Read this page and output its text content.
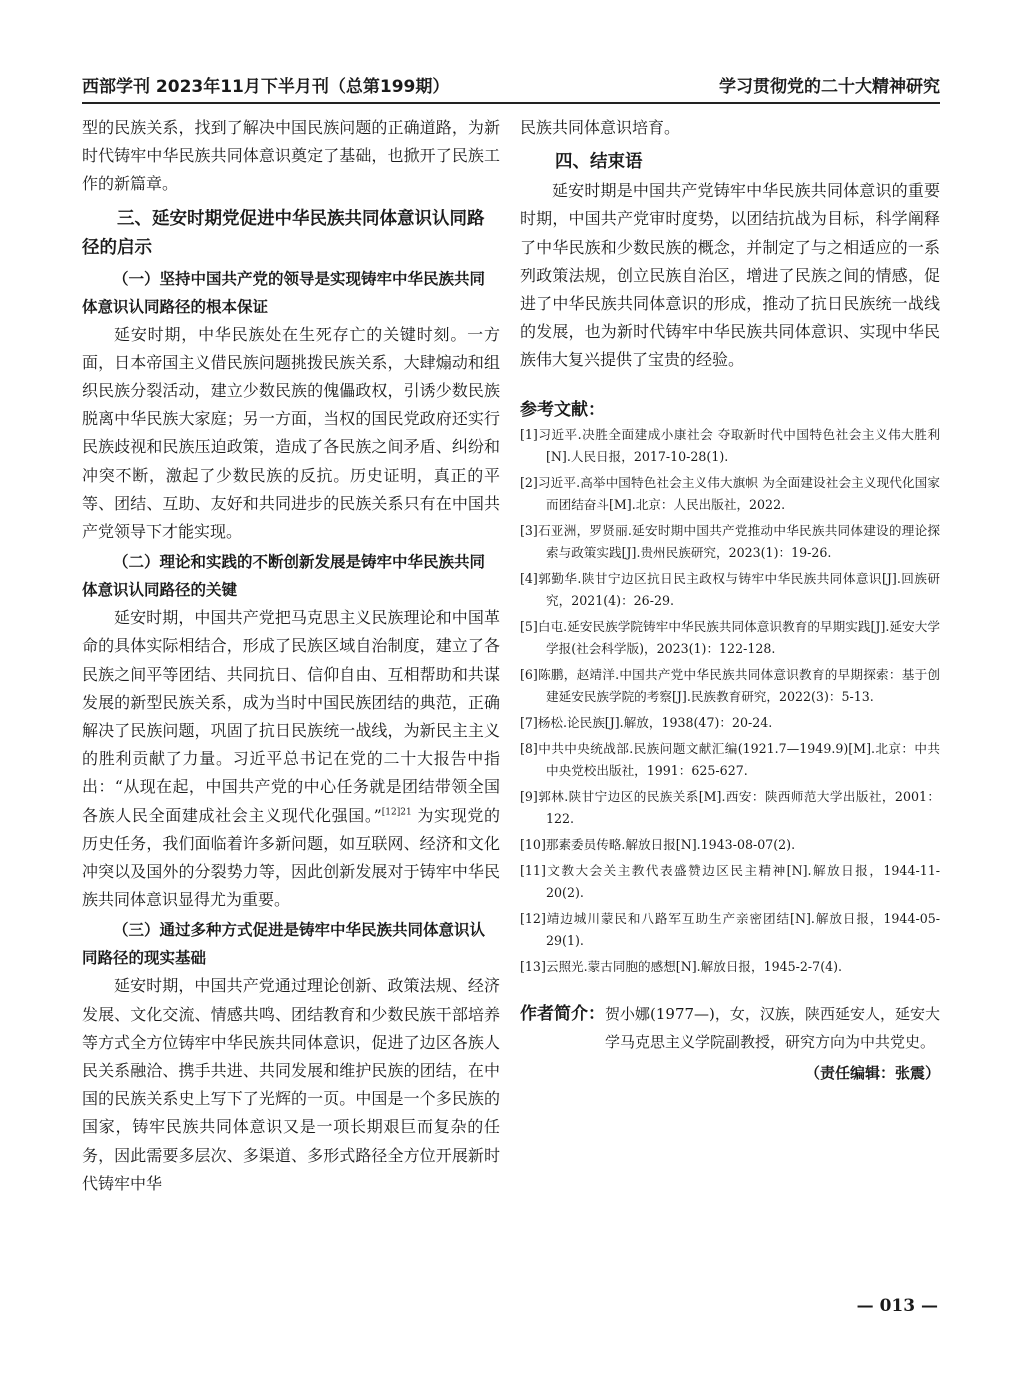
西部学刊 2023年11月下半月刊（总第199期）	学习贯彻党的二十大精神研究

型的民族关系，找到了解决中国民族问题的正确道路，为新时代铸牢中华民族共同体意识奠定了基础，也掀开了民族工作的新篇章。

三、延安时期党促进中华民族共同体意识认同路径的启示
（一）坚持中国共产党的领导是实现铸牢中华民族共同体意识认同路径的根本保证

延安时期，中华民族处在生死存亡的关键时刻。一方面，日本帝国主义借民族问题挑拨民族关系，大肆煽动和组织民族分裂活动，建立少数民族的傀儡政权，引诱少数民族脱离中华民族大家庭；另一方面，当权的国民党政府还实行民族歧视和民族压迫政策，造成了各民族之间矛盾、纠纷和冲突不断，激起了少数民族的反抗。历史证明，真正的平等、团结、互助、友好和共同进步的民族关系只有在中国共产党领导下才能实现。

（二）理论和实践的不断创新发展是铸牢中华民族共同体意识认同路径的关键

延安时期，中国共产党把马克思主义民族理论和中国革命的具体实际相结合，形成了民族区域自治制度，建立了各民族之间平等团结、共同抗日、信仰自由、互相帮助和共谋发展的新型民族关系，成为当时中国民族团结的典范，正确解决了民族问题，巩固了抗日民族统一战线，为新民主主义的胜利贡献了力量。习近平总书记在党的二十大报告中指出：“从现在起，中国共产党的中心任务就是团结带领全国各族人民全面建成社会主义现代化强国。”$^{[12]21}$ 为实现党的历史任务，我们面临着许多新问题，如互联网、经济和文化冲突以及国外的分裂势力等，因此创新发展对于铸牢中华民族共同体意识显得尤为重要。

（三）通过多种方式促进是铸牢中华民族共同体意识认同路径的现实基础

延安时期，中国共产党通过理论创新、政策法规、经济发展、文化交流、情感共鸣、团结教育和少数民族干部培养等方式全方位铸牢中华民族共同体意识，促进了边区各族人民关系融洽、携手共进、共同发展和维护民族的团结，在中国的民族关系史上写下了光辉的一页。中国是一个多民族的国家，铸牢民族共同体意识又是一项长期艰巨而复杂的任务，因此需要多层次、多渠道、多形式路径全方位开展新时代铸牢中华

民族共同体意识培育。

四、结束语

延安时期是中国共产党铸牢中华民族共同体意识的重要时期，中国共产党审时度势，以团结抗战为目标，科学阐释了中华民族和少数民族的概念，并制定了与之相适应的一系列政策法规，创立民族自治区，增进了民族之间的情感，促进了中华民族共同体意识的形成，推动了抗日民族统一战线的发展，也为新时代铸牢中华民族共同体意识、实现中华民族伟大复兴提供了宝贵的经验。

参考文献：

[1]习近平.决胜全面建成小康社会 夺取新时代中国特色社会主义伟大胜利[N].人民日报，2017-10-28(1).

[2]习近平.高举中国特色社会主义伟大旗帜 为全面建设社会主义现代化国家而团结奋斗[M].北京：人民出版社，2022.

[3]石亚洲，罗贤丽.延安时期中国共产党推动中华民族共同体建设的理论探索与政策实践[J].贵州民族研究，2023(1)：19-26.

[4]郭勤华.陕甘宁边区抗日民主政权与铸牢中华民族共同体意识[J].回族研究，2021(4)：26-29.

[5]白屯.延安民族学院铸牢中华民族共同体意识教育的早期实践[J].延安大学学报(社会科学版)，2023(1)：122-128.

[6]陈鹏，赵靖洋.中国共产党中华民族共同体意识教育的早期探索：基于创建延安民族学院的考察[J].民族教育研究，2022(3)：5-13.

[7]杨松.论民族[J].解放，1938(47)：20-24.

[8]中共中央统战部.民族问题文献汇编(1921.7—1949.9)[M].北京：中共中央党校出版社，1991：625-627.

[9]郭林.陕甘宁边区的民族关系[M].西安：陕西师范大学出版社，2001：122.

[10]那素委员传略.解放日报[N].1943-08-07(2).

[11]文教大会关主教代表盛赞边区民主精神[N].解放日报，1944-11-20(2).

[12]靖边城川蒙民和八路军互助生产亲密团结[N].解放日报，1944-05-29(1).

[13]云照光.蒙古同胞的感想[N].解放日报，1945-2-7(4).

作者简介： 贺小娜(1977—)，女，汉族，陕西延安人，延安大学马克思主义学院副教授，研究方向为中共党史。
（责任编辑：张震）
— 013 —
